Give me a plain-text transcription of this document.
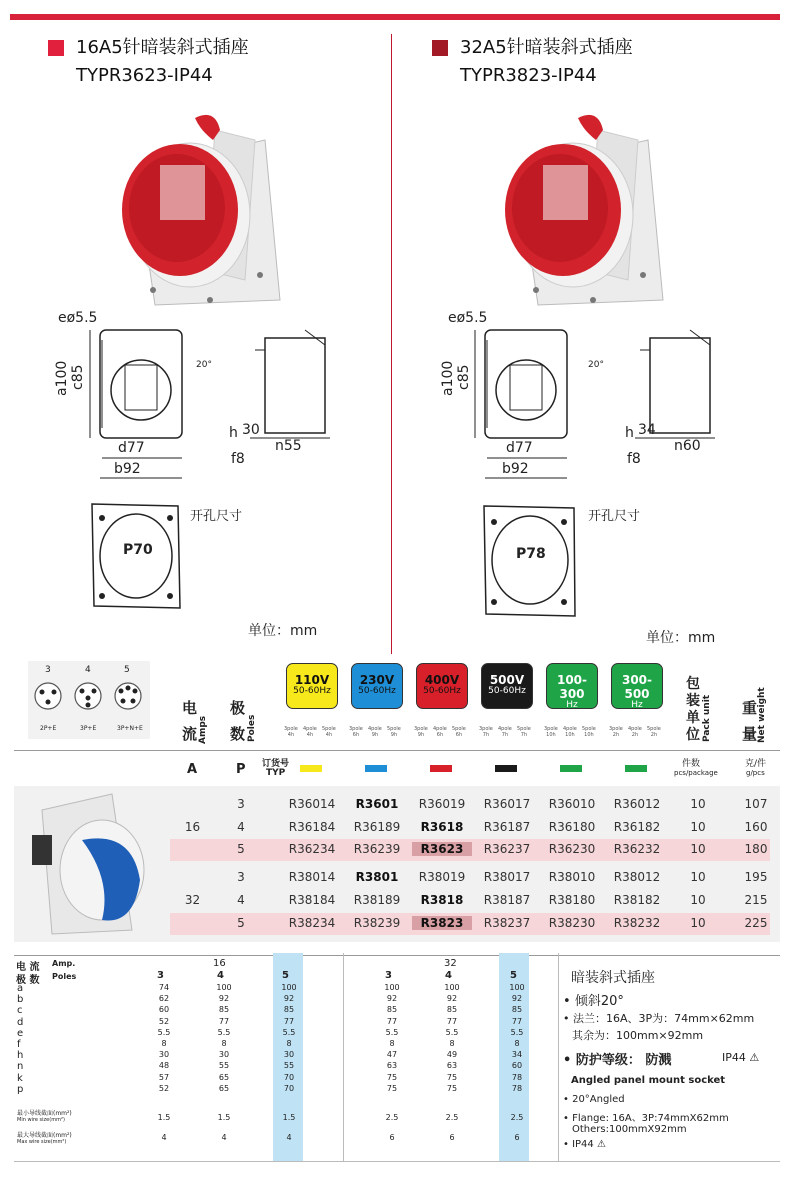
16A5针暗装斜式插座
TYPR3623-IP44
32A5针暗装斜式插座
TYPR3823-IP44
eø5.5
a100 c85
d77
b92
20°
h 30
n55
f8
eø5.5
a100 c85
d77
b92
20°
h 34
n60
f8
P70
开孔尺寸
单位：mm
P78
开孔尺寸
单位：mm
3	4	5
2P+E	3P+E	3P+N+E
电
流 Amps
极
数 Poles
包
装
单
位 Pack unit 重
量 Net weight
A	P 订货号
TYP
件数
pcs/package
克/件
g/pcs
电 流 Amp.
极 数 Poles
16	32
暗装斜式插座
• 倾斜20°
• 法兰：16A、3P为：74mm×62mm
其余为：100mm×92mm
• 防护等级： 防溅	IP44 ⚠
Angled panel mount socket
• 20°Angled
• Flange: 16A、3P:74mmX62mm
Others:100mmX92mm
• IP44 ⚠
110V
50-60Hz
3pole
4h
4pole
4h
5pole
4h
230V
50-60Hz
3pole
6h
4pole
9h
5pole
9h
400V
50-60Hz
3pole
9h
4pole
6h
5pole
6h
500V
50-60Hz
3pole
7h
4pole
7h
5pole
7h
100-300
Hz
>50V
3pole
10h
4pole
10h
5pole
10h
300-500
Hz
>50V
3pole
2h
4pole
2h
5pole
2h
3	R36014	R3601	R36019	R36017	R36010	R36012	10	107
4	R36184	R36189	R3618	R36187	R36180	R36182	10	160
5	R36234	R36239	R3623	R36237	R36230	R36232	10	180
3	R38014	R3801	R38019	R38017	R38010	R38012	10	195
4	R38184	R38189	R3818	R38187	R38180	R38182	10	215
5	R38234	R38239	R3823	R38237	R38230	R38232	10	225
16
32
3	4	5	3	4	5
a	74	100	100	100	100	100
b	62	92	92	92	92	92
c	60	85	85	85	85	85
d	52	77	77	77	77	77
e	5.5	5.5	5.5	5.5	5.5	5.5
f	8	8	8	8	8	8
h	30	30	30	47	49	34
n	48	55	55	63	63	60
k	57	65	70	75	75	78
p	52	65	70	75	75	78
最小导线截面(mm²)
Min wire size(mm²)
最大导线截面(mm²)
Max wire size(mm²)
1.5	1.5	1.5	2.5	2.5	2.5
4	4	4	6	6	6
